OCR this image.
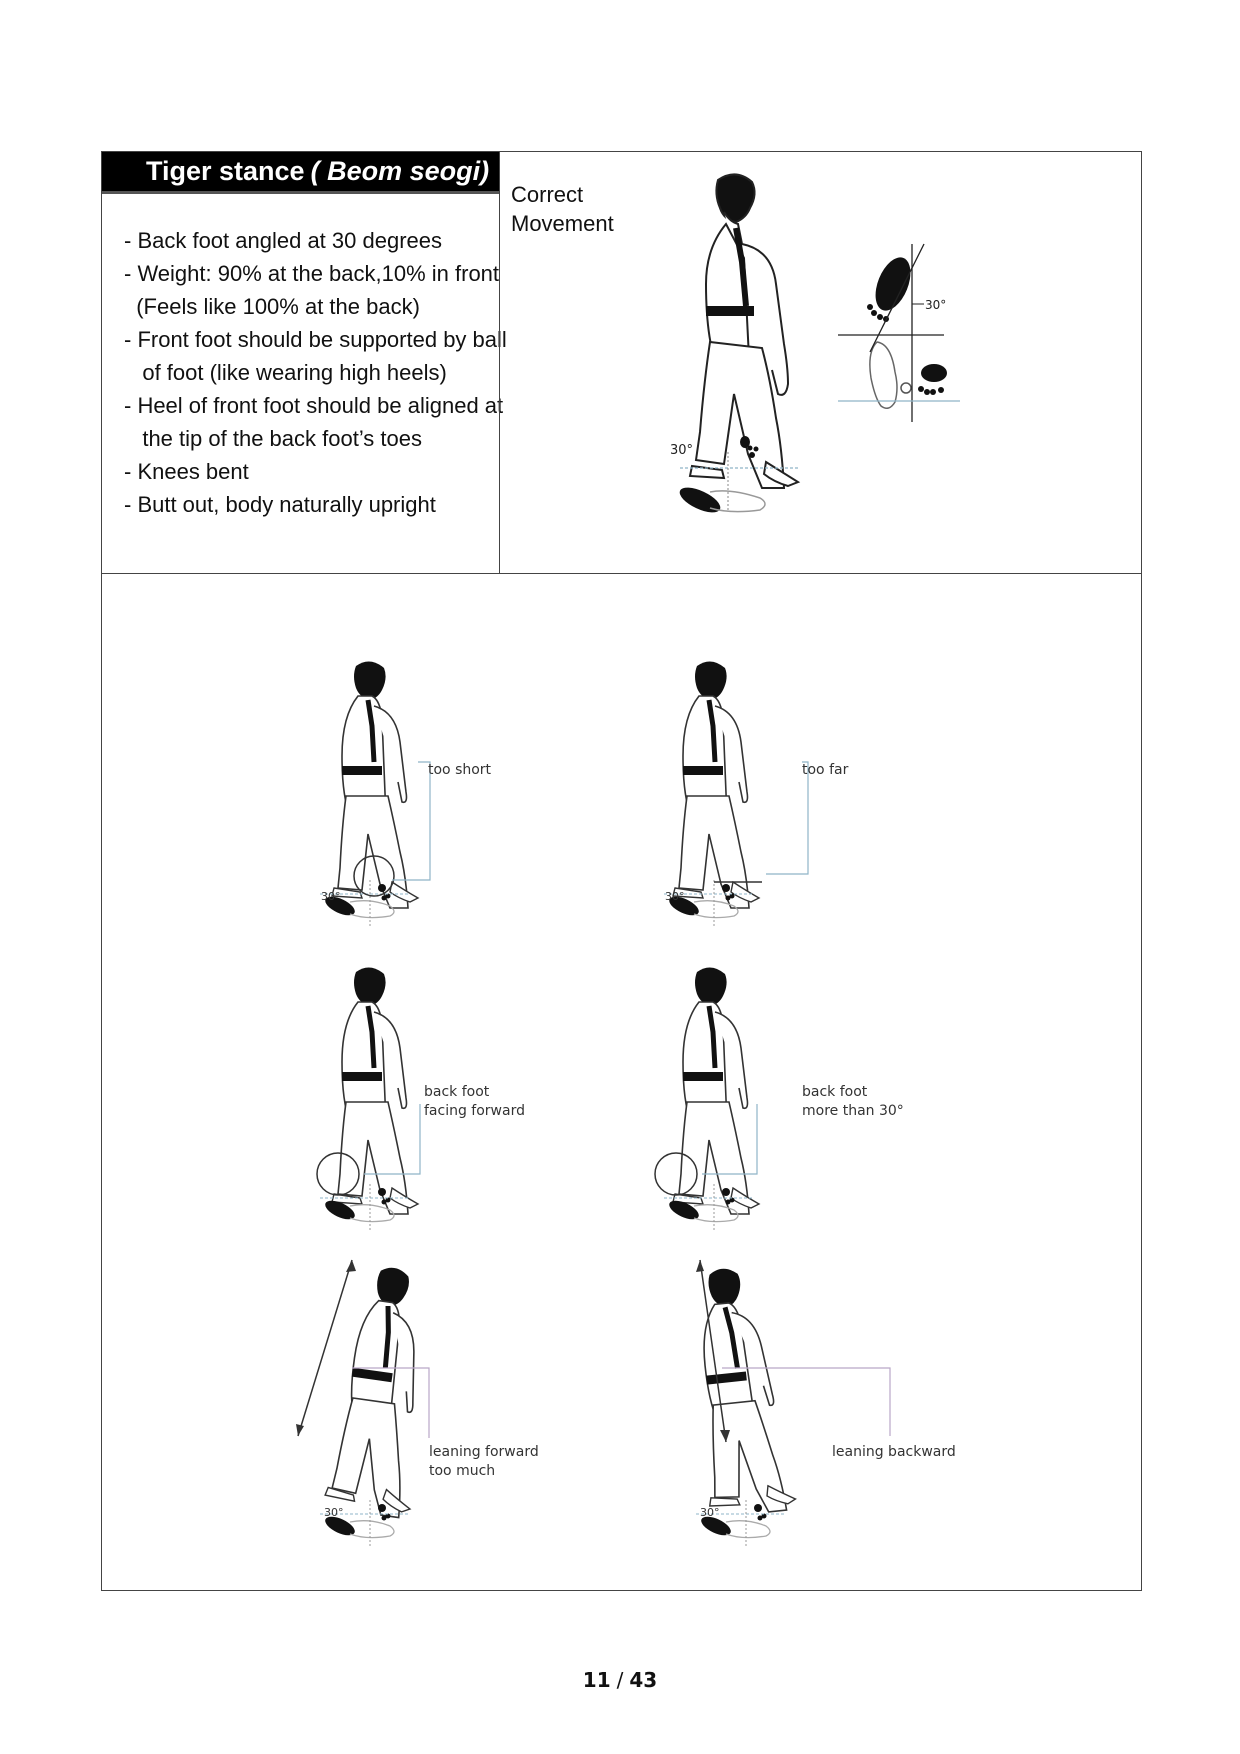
Tiger stance ( Beom seogi)
- Back foot angled at 30 degrees
- Weight: 90% at the back,10% in front
(Feels like 100% at the back)
- Front foot should be supported by ball
of foot (like wearing high heels)
- Heel of front foot should be aligned at
the tip of the back foot’s toes
- Knees bent
- Butt out, body naturally upright
Correct
Movement
30°
30°
too short
30°
too far
30°
back foot
facing forward
back foot
more than 30°
leaning forward
too much
30°
leaning backward
30°
11 / 43
